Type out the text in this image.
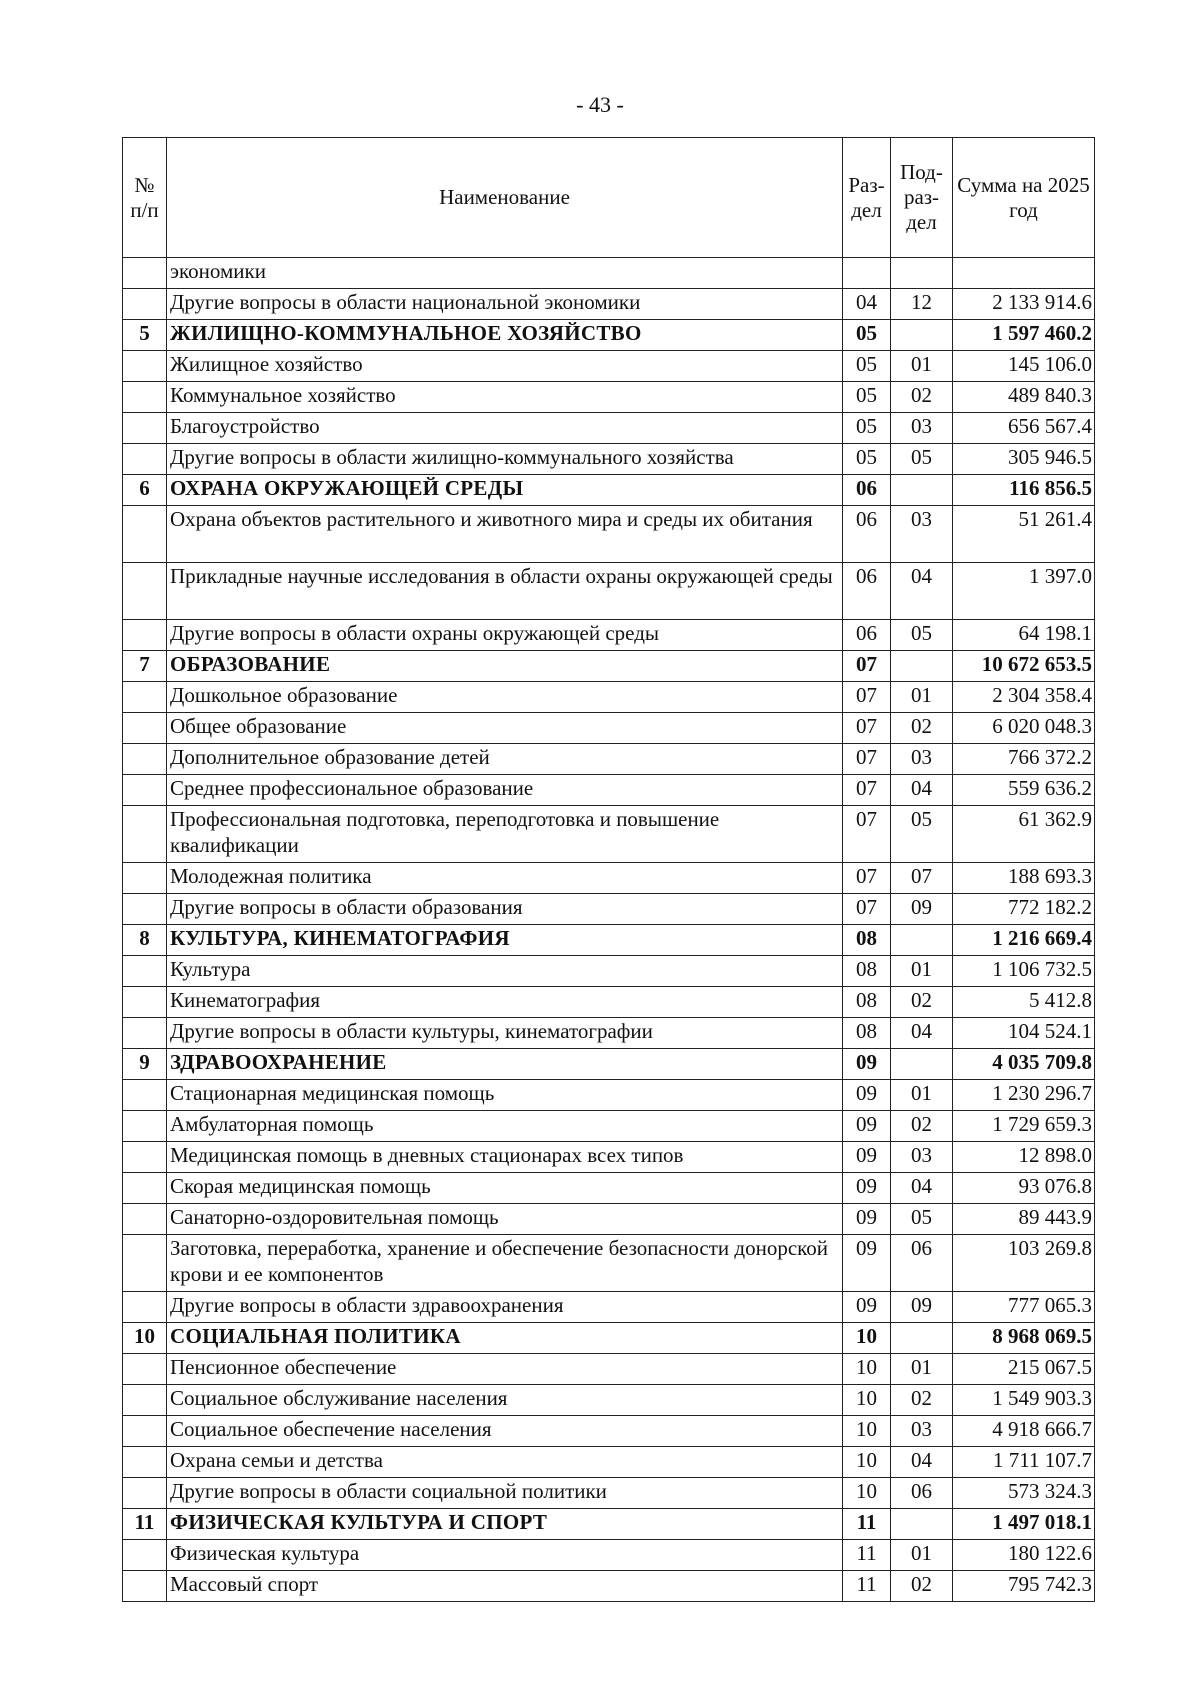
- 43 -
№ п/п	Наименование	Раз-дел	Под-раз-дел	Сумма на 2025 год
	экономики			
	Другие вопросы в области национальной экономики	04	12	2 133 914.6
5	ЖИЛИЩНО-КОММУНАЛЬНОЕ ХОЗЯЙСТВО	05		1 597 460.2
	Жилищное хозяйство	05	01	145 106.0
	Коммунальное хозяйство	05	02	489 840.3
	Благоустройство	05	03	656 567.4
	Другие вопросы в области жилищно-коммунального хозяйства	05	05	305 946.5
6	ОХРАНА ОКРУЖАЮЩЕЙ СРЕДЫ	06		116 856.5
	Охрана объектов растительного и животного мира и среды их обитания	06	03	51 261.4
	Прикладные научные исследования в области охраны окружающей среды	06	04	1 397.0
	Другие вопросы в области охраны окружающей среды	06	05	64 198.1
7	ОБРАЗОВАНИЕ	07		10 672 653.5
	Дошкольное образование	07	01	2 304 358.4
	Общее образование	07	02	6 020 048.3
	Дополнительное образование детей	07	03	766 372.2
	Среднее профессиональное образование	07	04	559 636.2
	Профессиональная подготовка, переподготовка и повышение квалификации	07	05	61 362.9
	Молодежная политика	07	07	188 693.3
	Другие вопросы в области образования	07	09	772 182.2
8	КУЛЬТУРА, КИНЕМАТОГРАФИЯ	08		1 216 669.4
	Культура	08	01	1 106 732.5
	Кинематография	08	02	5 412.8
	Другие вопросы в области культуры, кинематографии	08	04	104 524.1
9	ЗДРАВООХРАНЕНИЕ	09		4 035 709.8
	Стационарная медицинская помощь	09	01	1 230 296.7
	Амбулаторная помощь	09	02	1 729 659.3
	Медицинская помощь в дневных стационарах всех типов	09	03	12 898.0
	Скорая медицинская помощь	09	04	93 076.8
	Санаторно-оздоровительная помощь	09	05	89 443.9
	Заготовка, переработка, хранение и обеспечение безопасности донорской крови и ее компонентов	09	06	103 269.8
	Другие вопросы в области здравоохранения	09	09	777 065.3
10	СОЦИАЛЬНАЯ ПОЛИТИКА	10		8 968 069.5
	Пенсионное обеспечение	10	01	215 067.5
	Социальное обслуживание населения	10	02	1 549 903.3
	Социальное обеспечение населения	10	03	4 918 666.7
	Охрана семьи и детства	10	04	1 711 107.7
	Другие вопросы в области социальной политики	10	06	573 324.3
11	ФИЗИЧЕСКАЯ КУЛЬТУРА И СПОРТ	11		1 497 018.1
	Физическая культура	11	01	180 122.6
	Массовый спорт	11	02	795 742.3
